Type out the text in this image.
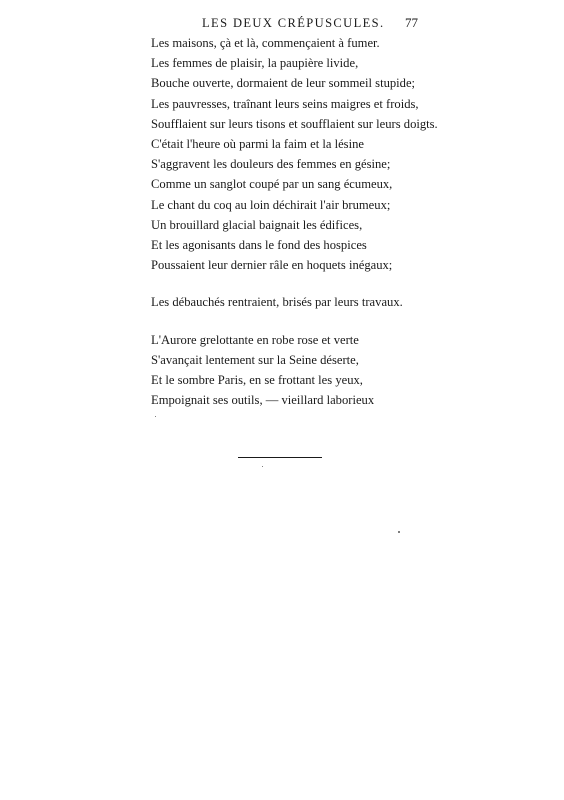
LES DEUX CRÉPUSCULES. 77
Les maisons, çà et là, commençaient à fumer.
Les femmes de plaisir, la paupière livide,
Bouche ouverte, dormaient de leur sommeil stupide;
Les pauvresses, traînant leurs seins maigres et froids,
Soufflaient sur leurs tisons et soufflaient sur leurs doigts.
C'était l'heure où parmi la faim et la lésine
S'aggravent les douleurs des femmes en gésine;
Comme un sanglot coupé par un sang écumeux,
Le chant du coq au loin déchirait l'air brumeux;
Un brouillard glacial baignait les édifices,
Et les agonisants dans le fond des hospices
Poussaient leur dernier râle en hoquets inégaux;
Les débauchés rentraient, brisés par leurs travaux.
L'Aurore grelottante en robe rose et verte
S'avançait lentement sur la Seine déserte,
Et le sombre Paris, en se frottant les yeux,
Empoignait ses outils, — vieillard laborieux
